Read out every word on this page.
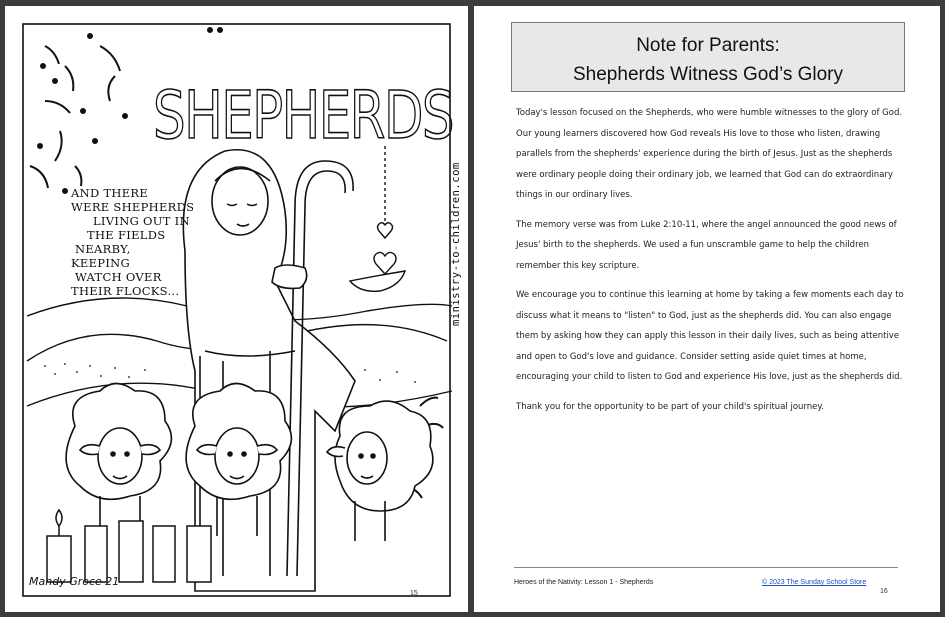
SHEPHERDS
Mandy Groce 21
ministry-to-children.com
15
AND THERE
WERE SHEPHERDS
LIVING OUT IN
THE FIELDS
NEARBY,
KEEPING
WATCH OVER
THEIR FLOCKS...
Note for Parents:
Shepherds Witness God’s Glory

Today's lesson focused on the Shepherds, who were humble witnesses to the glory of God. Our young learners discovered how God reveals His love to those who listen, drawing parallels from the shepherds' experience during the birth of Jesus. Just as the shepherds were ordinary people doing their ordinary job, we learned that God can do extraordinary things in our ordinary lives.

The memory verse was from Luke 2:10-11, where the angel announced the good news of Jesus' birth to the shepherds. We used a fun unscramble game to help the children remember this key scripture.

We encourage you to continue this learning at home by taking a few moments each day to discuss what it means to "listen" to God, just as the shepherds did. You can also engage them by asking how they can apply this lesson in their daily lives, such as being attentive and open to God's love and guidance. Consider setting aside quiet times at home, encouraging your child to listen to God and experience His love, just as the shepherds did.

Thank you for the opportunity to be part of your child's spiritual journey.

Heroes of the Nativity: Lesson 1 - Shepherds	© 2023 The Sunday School Store
16
